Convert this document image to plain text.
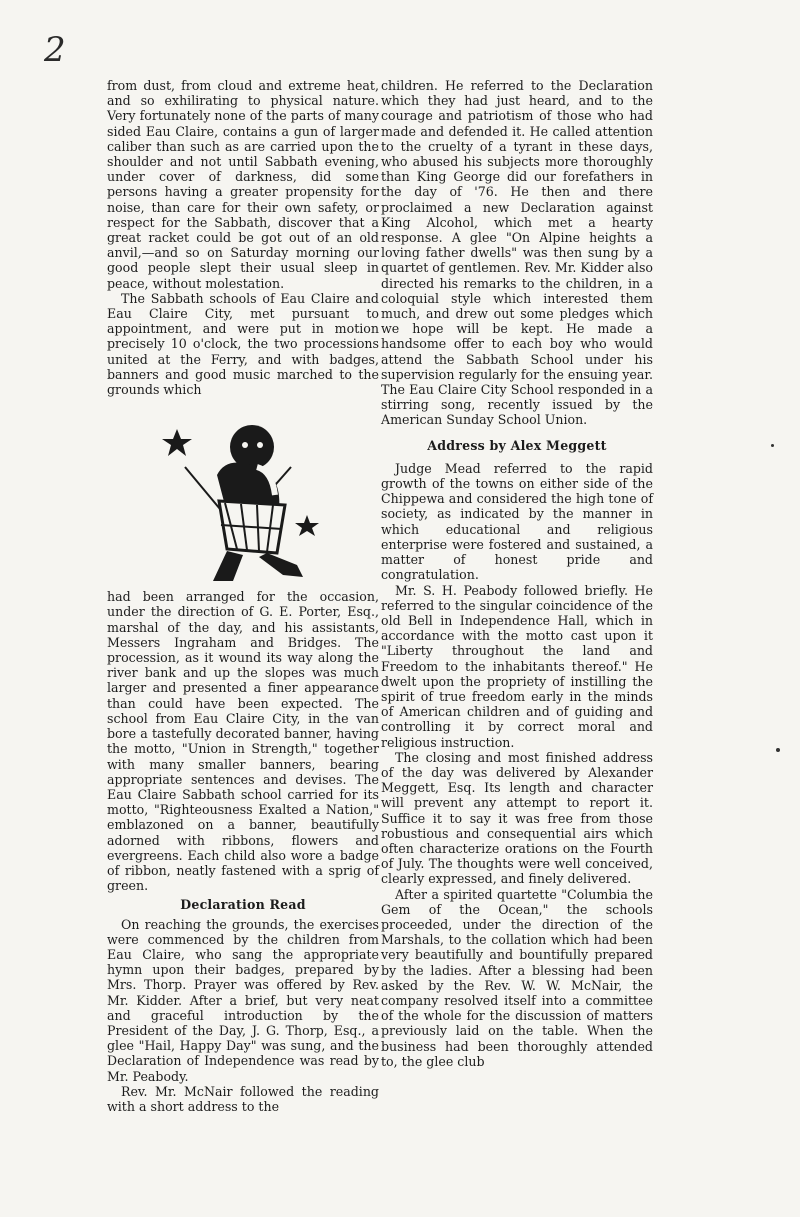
2

from dust, from cloud and extreme heat, and so exhilirating to physical nature. Very fortunately none of the parts of many sided Eau Claire, contains a gun of larger caliber than such as are carried upon the shoulder and not until Sabbath evening, under cover of darkness, did some persons having a greater propensity for noise, than care for their own safety, or respect for the Sabbath, discover that a great racket could be got out of an old anvil,—and so on Saturday morning our good people slept their usual sleep in peace, without molestation.

The Sabbath schools of Eau Claire and Eau Claire City, met pursuant to appointment, and were put in motion precisely 10 o'clock, the two processions united at the Ferry, and with badges, banners and good music marched to the grounds which

had been arranged for the occasion, under the direction of G. E. Porter, Esq., marshal of the day, and his assistants, Messers Ingraham and Bridges. The procession, as it wound its way along the river bank and up the slopes was much larger and presented a finer appearance than could have been expected. The school from Eau Claire City, in the van bore a tastefully decorated banner, having the motto, "Union in Strength," together with many smaller banners, bearing appropriate sentences and devises. The Eau Claire Sabbath school carried for its motto, "Righteousness Exalted a Nation," emblazoned on a banner, beautifully adorned with ribbons, flowers and evergreens. Each child also wore a badge of ribbon, neatly fastened with a sprig of green.

Declaration Read

On reaching the grounds, the exercises were commenced by the children from Eau Claire, who sang the appropriate hymn upon their badges, prepared by Mrs. Thorp. Prayer was offered by Rev. Mr. Kidder. After a brief, but very neat and graceful introduction by the President of the Day, J. G. Thorp, Esq., a glee "Hail, Happy Day" was sung, and the Declaration of Independence was read by Mr. Peabody.

Rev. Mr. McNair followed the reading with a short address to the

children. He referred to the Declaration which they had just heard, and to the courage and patriotism of those who had made and defended it. He called attention to the cruelty of a tyrant in these days, who abused his subjects more thoroughly than King George did our forefathers in the day of '76. He then and there proclaimed a new Declaration against King Alcohol, which met a hearty response. A glee "On Alpine heights a loving father dwells" was then sung by a quartet of gentlemen. Rev. Mr. Kidder also directed his remarks to the children, in a coloquial style which interested them much, and drew out some pledges which we hope will be kept. He made a handsome offer to each boy who would attend the Sabbath School under his supervision regularly for the ensuing year. The Eau Claire City School responded in a stirring song, recently issued by the American Sunday School Union.

Address by Alex Meggett

Judge Mead referred to the rapid growth of the towns on either side of the Chippewa and considered the high tone of society, as indicated by the manner in which educational and religious enterprise were fostered and sustained, a matter of honest pride and congratulation.

Mr. S. H. Peabody followed briefly. He referred to the singular coincidence of the old Bell in Independence Hall, which in accordance with the motto cast upon it "Liberty throughout the land and Freedom to the inhabitants thereof." He dwelt upon the propriety of instilling the spirit of true freedom early in the minds of American children and of guiding and controlling it by correct moral and religious instruction.

The closing and most finished address of the day was delivered by Alexander Meggett, Esq. Its length and character will prevent any attempt to report it. Suffice it to say it was free from those robustious and consequential airs which often characterize orations on the Fourth of July. The thoughts were well conceived, clearly expressed, and finely delivered.

After a spirited quartette "Columbia the Gem of the Ocean," the schools proceeded, under the direction of the Marshals, to the collation which had been very beautifully and bountifully prepared by the ladies. After a blessing had been asked by the Rev. W. W. McNair, the company resolved itself into a committee of the whole for the discussion of matters previously laid on the table. When the business had been thoroughly attended to, the glee club
